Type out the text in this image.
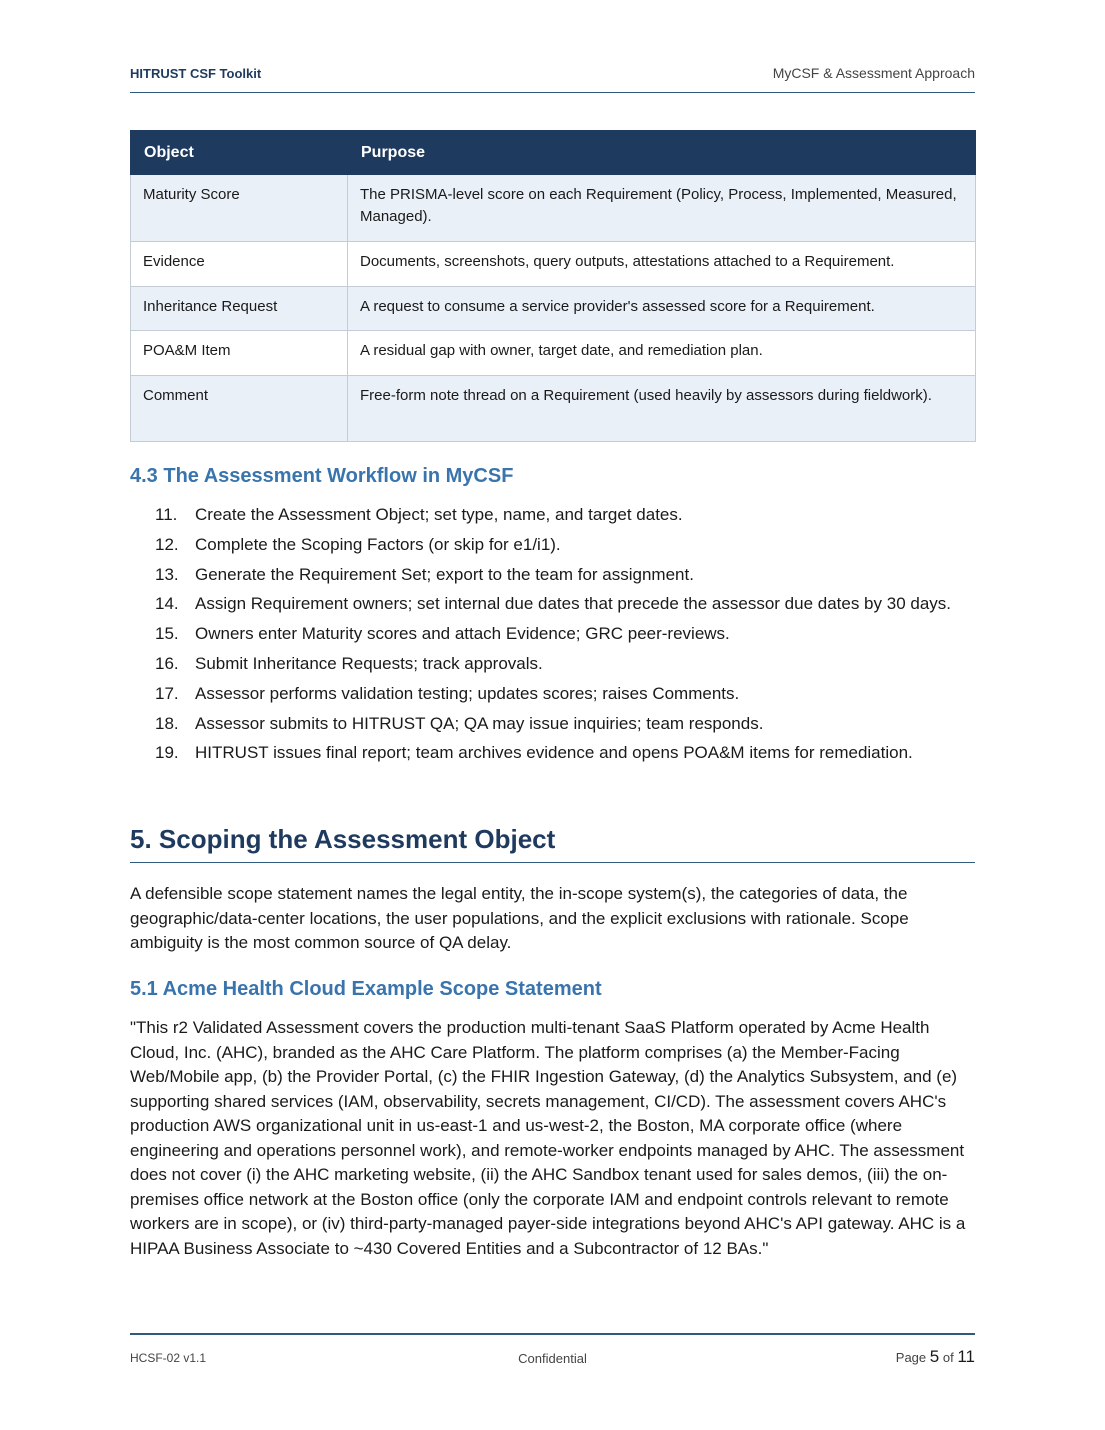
HITRUST CSF Toolkit	MyCSF & Assessment Approach
Object	Purpose
Maturity Score	The PRISMA-level score on each Requirement (Policy, Process, Implemented, Measured, Managed).
Evidence	Documents, screenshots, query outputs, attestations attached to a Requirement.
Inheritance Request	A request to consume a service provider's assessed score for a Requirement.
POA&M Item	A residual gap with owner, target date, and remediation plan.
Comment	Free-form note thread on a Requirement (used heavily by assessors during fieldwork).
4.3 The Assessment Workflow in MyCSF
11. Create the Assessment Object; set type, name, and target dates.
12. Complete the Scoping Factors (or skip for e1/i1).
13. Generate the Requirement Set; export to the team for assignment.
14. Assign Requirement owners; set internal due dates that precede the assessor due dates by 30 days.
15. Owners enter Maturity scores and attach Evidence; GRC peer-reviews.
16. Submit Inheritance Requests; track approvals.
17. Assessor performs validation testing; updates scores; raises Comments.
18. Assessor submits to HITRUST QA; QA may issue inquiries; team responds.
19. HITRUST issues final report; team archives evidence and opens POA&M items for remediation.
5. Scoping the Assessment Object

A defensible scope statement names the legal entity, the in-scope system(s), the categories of data, the geographic/data-center locations, the user populations, and the explicit exclusions with rationale. Scope ambiguity is the most common source of QA delay.

5.1 Acme Health Cloud Example Scope Statement

"This r2 Validated Assessment covers the production multi-tenant SaaS Platform operated by Acme Health Cloud, Inc. (AHC), branded as the AHC Care Platform. The platform comprises (a) the Member-Facing Web/Mobile app, (b) the Provider Portal, (c) the FHIR Ingestion Gateway, (d) the Analytics Subsystem, and (e) supporting shared services (IAM, observability, secrets management, CI/CD). The assessment covers AHC's production AWS organizational unit in us-east-1 and us-west-2, the Boston, MA corporate office (where engineering and operations personnel work), and remote-worker endpoints managed by AHC. The assessment does not cover (i) the AHC marketing website, (ii) the AHC Sandbox tenant used for sales demos, (iii) the on-premises office network at the Boston office (only the corporate IAM and endpoint controls relevant to remote workers are in scope), or (iv) third-party-managed payer-side integrations beyond AHC's API gateway. AHC is a HIPAA Business Associate to ~430 Covered Entities and a Subcontractor of 12 BAs."

HCSF-02 v1.1	Confidential	Page 5 of 11
